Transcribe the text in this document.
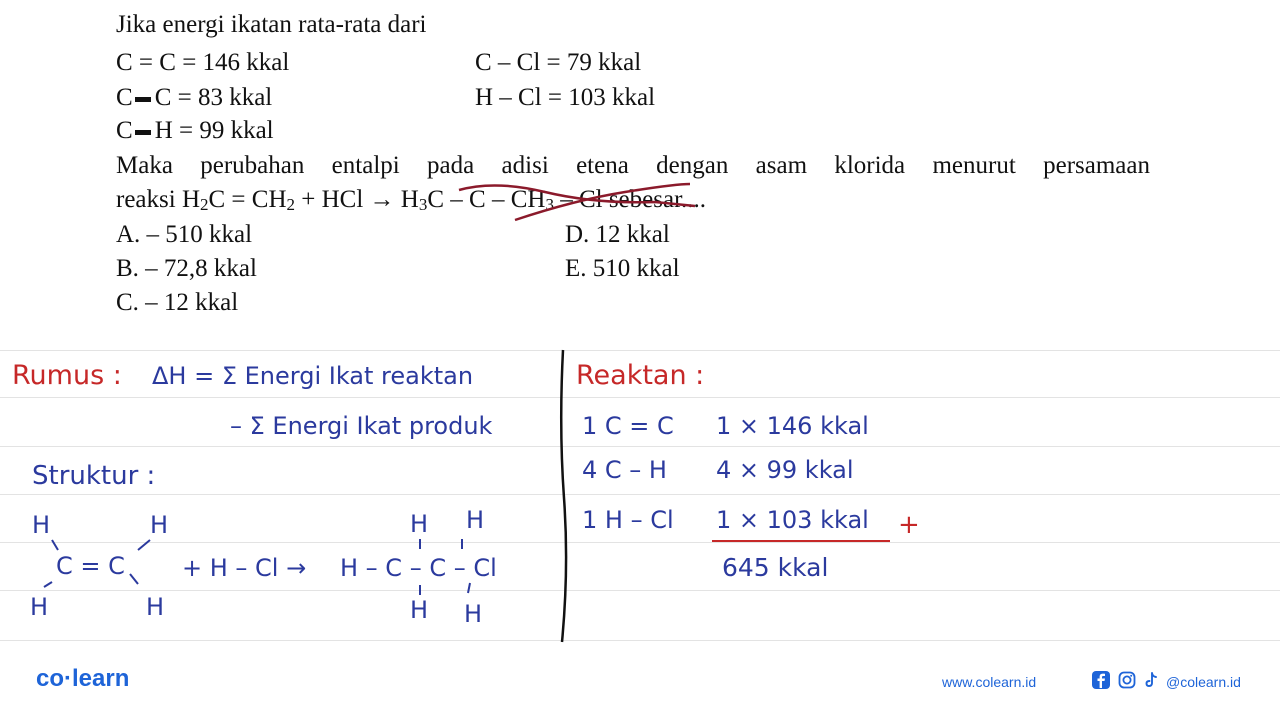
Jika energi ikatan rata-rata dari
C = C = 146 kkal	C – Cl = 79 kkal
C C = 83 kkal	H – Cl = 103 kkal
C H = 99 kkal
Maka perubahan entalpi pada adisi etena dengan asam klorida menurut persamaan
reaksi $H_2C = CH_2$ + HCl → $H_3C$ – C – $CH_3$ – Cl sebesar....
A. – 510 kkal	D. 12 kkal
B. – 72,8 kkal	E. 510 kkal
C. – 12 kkal
Rumus : ΔH = Σ Energi Ikat reaktan
– Σ Energi Ikat produk
Struktur :
H	H
C = C
H	H
+ H – Cl → H – C – C – Cl
H H
H H
Reaktan :
1 C = C 1 × 146 kkal
4 C – H 4 × 99 kkal
1 H – Cl 1 × 103 kkal +
645 kkal
co·learn	www.colearn.id	@colearn.id
